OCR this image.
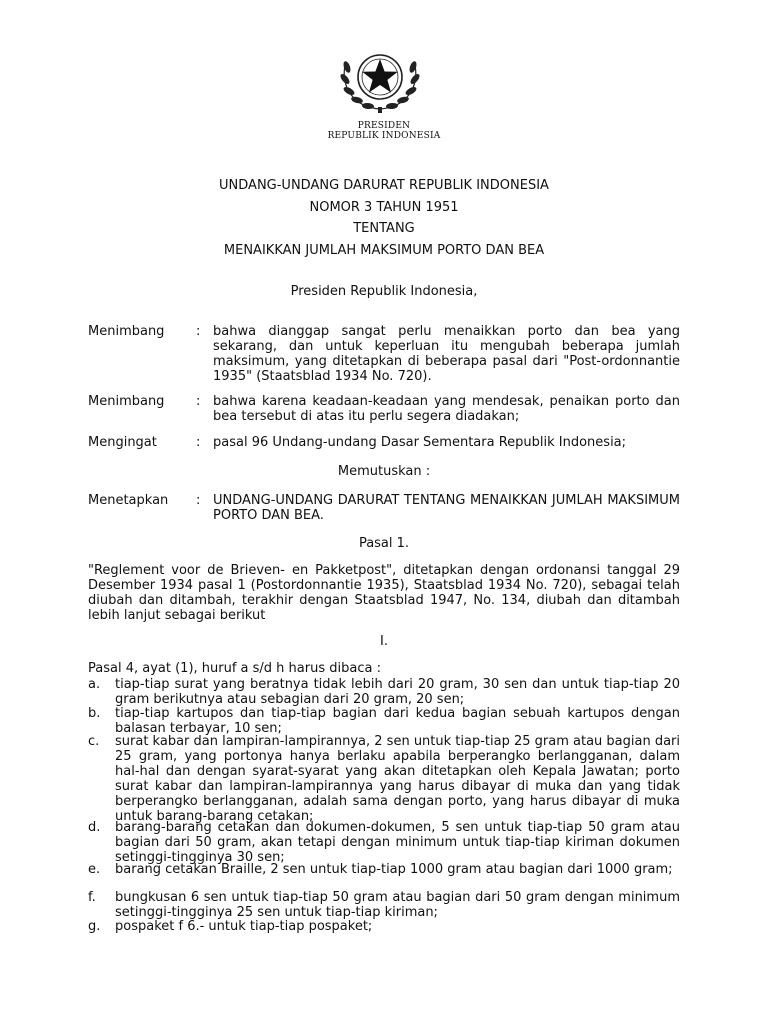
PRESIDEN
REPUBLIK INDONESIA
UNDANG-UNDANG DARURAT REPUBLIK INDONESIA
NOMOR 3 TAHUN 1951
TENTANG
MENAIKKAN JUMLAH MAKSIMUM PORTO DAN BEA
Presiden Republik Indonesia,
Menimbang	: bahwa dianggap sangat perlu menaikkan porto dan bea yang sekarang, dan untuk keperluan itu mengubah beberapa jumlah maksimum, yang ditetapkan di beberapa pasal dari "Post-ordonnantie 1935" (Staatsblad 1934 No. 720).
Menimbang	: bahwa karena keadaan-keadaan yang mendesak, penaikan porto dan bea tersebut di atas itu perlu segera diadakan;
Mengingat	: pasal 96 Undang-undang Dasar Sementara Republik Indonesia;
Memutuskan :
Menetapkan	: UNDANG-UNDANG DARURAT TENTANG MENAIKKAN JUMLAH MAKSIMUM PORTO DAN BEA.
Pasal 1.
"Reglement voor de Brieven- en Pakketpost", ditetapkan dengan ordonansi tanggal 29 Desember 1934 pasal 1 (Postordonnantie 1935), Staatsblad 1934 No. 720), sebagai telah diubah dan ditambah, terakhir dengan Staatsblad 1947, No. 134, diubah dan ditambah lebih lanjut sebagai berikut
I.
Pasal 4, ayat (1), huruf a s/d h harus dibaca :
a. tiap-tiap surat yang beratnya tidak lebih dari 20 gram, 30 sen dan untuk tiap-tiap 20 gram berikutnya atau sebagian dari 20 gram, 20 sen;
b. tiap-tiap kartupos dan tiap-tiap bagian dari kedua bagian sebuah kartupos dengan balasan terbayar, 10 sen;
c. surat kabar dan lampiran-lampirannya, 2 sen untuk tiap-tiap 25 gram atau bagian dari 25 gram, yang portonya hanya berlaku apabila berperangko berlangganan, dalam hal-hal dan dengan syarat-syarat yang akan ditetapkan oleh Kepala Jawatan; porto surat kabar dan lampiran-lampirannya yang harus dibayar di muka dan yang tidak berperangko berlangganan, adalah sama dengan porto, yang harus dibayar di muka untuk barang-barang cetakan;
d. barang-barang cetakan dan dokumen-dokumen, 5 sen untuk tiap-tiap 50 gram atau bagian dari 50 gram, akan tetapi dengan minimum untuk tiap-tiap kiriman dokumen setinggi-tingginya 30 sen;
e. barang cetakan Braille, 2 sen untuk tiap-tiap 1000 gram atau bagian dari 1000 gram;
f. bungkusan 6 sen untuk tiap-tiap 50 gram atau bagian dari 50 gram dengan minimum setinggi-tingginya 25 sen untuk tiap-tiap kiriman;
g. pospaket f 6.- untuk tiap-tiap pospaket;
